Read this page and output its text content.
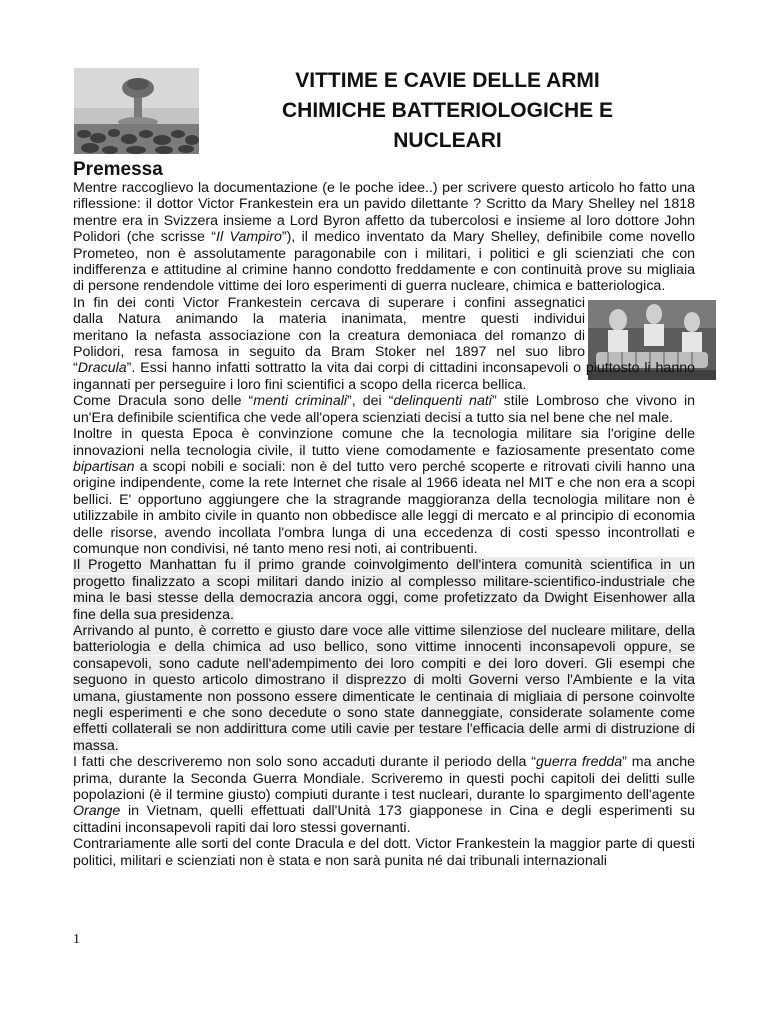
VITTIME E CAVIE DELLE ARMI
CHIMICHE BATTERIOLOGICHE E
NUCLEARI
Premessa

Mentre raccoglievo la documentazione (e le poche idee..) per scrivere questo articolo ho fatto una riflessione: il dottor Victor Frankestein era un pavido dilettante ? Scritto da Mary Shelley nel 1818 mentre era in Svizzera insieme a Lord Byron affetto da tubercolosi e insieme al loro dottore John Polidori (che scrisse “Il Vampiro”), il medico inventato da Mary Shelley, definibile come novello Prometeo, non è assolutamente paragonabile con i militari, i politici e gli scienziati che con indifferenza e attitudine al crimine hanno condotto freddamente e con continuità prove su migliaia di persone rendendole vittime dei loro esperimenti di guerra nucleare, chimica e batteriologica.

In fin dei conti Victor Frankestein cercava di superare i confini assegnatici
dalla Natura animando la materia inanimata, mentre questi individui
meritano la nefasta associazione con la creatura demoniaca del romanzo di
Polidori, resa famosa in seguito da Bram Stoker nel 1897 nel suo libro
“Dracula”. Essi hanno infatti sottratto la vita dai corpi di cittadini inconsapevoli o piuttosto li hanno ingannati per perseguire i loro fini scientifici a scopo della ricerca bellica.

Come Dracula sono delle “menti criminali”, dei “delinquenti nati” stile Lombroso che vivono in un'Era definibile scientifica che vede all'opera scienziati decisi a tutto sia nel bene che nel male.

Inoltre in questa Epoca è convinzione comune che la tecnologia militare sia l'origine delle innovazioni nella tecnologia civile, il tutto viene comodamente e faziosamente presentato come bipartisan a scopi nobili e sociali: non è del tutto vero perché scoperte e ritrovati civili hanno una origine indipendente, come la rete Internet che risale al 1966 ideata nel MIT e che non era a scopi bellici. E' opportuno aggiungere che la stragrande maggioranza della tecnologia militare non è utilizzabile in ambito civile in quanto non obbedisce alle leggi di mercato e al principio di economia delle risorse, avendo incollata l'ombra lunga di una eccedenza di costi spesso incontrollati e comunque non condivisi, né tanto meno resi noti, ai contribuenti.

Il Progetto Manhattan fu il primo grande coinvolgimento dell'intera comunità scientifica in un progetto finalizzato a scopi militari dando inizio al complesso militare-scientifico-industriale che mina le basi stesse della democrazia ancora oggi, come profetizzato da Dwight Eisenhower alla fine della sua presidenza.

Arrivando al punto, è corretto e giusto dare voce alle vittime silenziose del nucleare militare, della batteriologia e della chimica ad uso bellico, sono vittime innocenti inconsapevoli oppure, se consapevoli, sono cadute nell'adempimento dei loro compiti e dei loro doveri. Gli esempi che seguono in questo articolo dimostrano il disprezzo di molti Governi verso l'Ambiente e la vita umana, giustamente non possono essere dimenticate le centinaia di migliaia di persone coinvolte negli esperimenti e che sono decedute o sono state danneggiate, considerate solamente come effetti collaterali se non addirittura come utili cavie per testare l'efficacia delle armi di distruzione di massa.

I fatti che descriveremo non solo sono accaduti durante il periodo della “guerra fredda” ma anche prima, durante la Seconda Guerra Mondiale. Scriveremo in questi pochi capitoli dei delitti sulle popolazioni (è il termine giusto) compiuti durante i test nucleari, durante lo spargimento dell'agente Orange in Vietnam, quelli effettuati dall'Unità 173 giapponese in Cina e degli esperimenti su cittadini inconsapevoli rapiti dai loro stessi governanti.

Contrariamente alle sorti del conte Dracula e del dott. Victor Frankestein la maggior parte di questi politici, militari e scienziati non è stata e non sarà punita né dai tribunali internazionali

1
